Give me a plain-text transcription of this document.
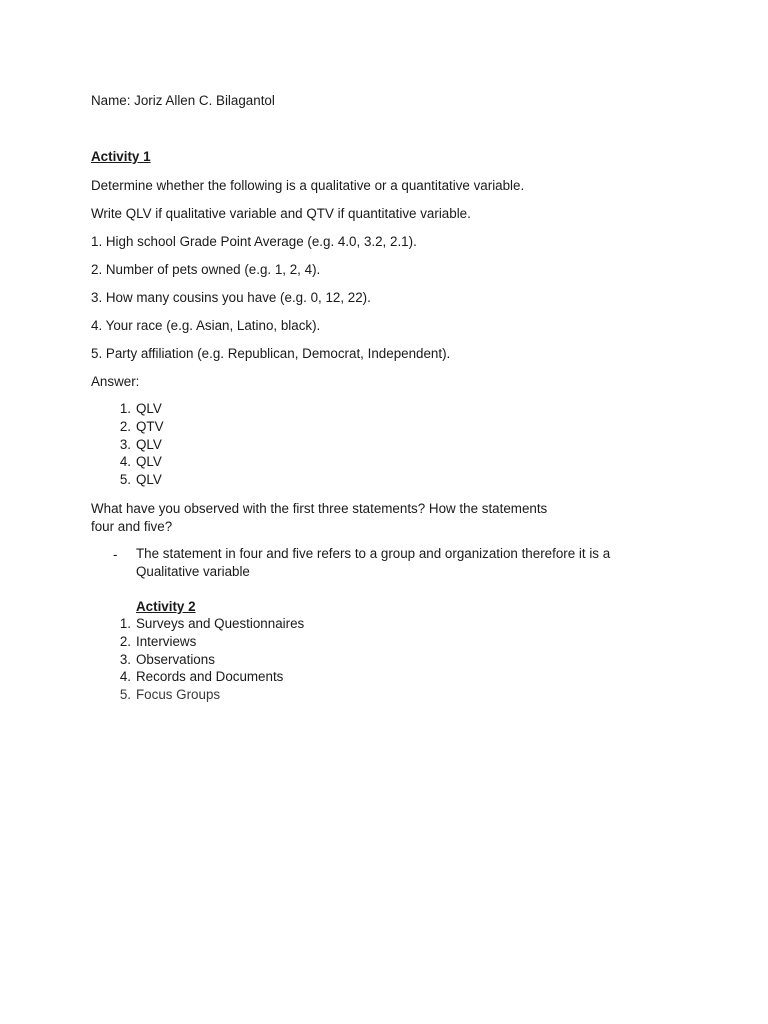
Name: Joriz Allen C. Bilagantol
Activity 1
Determine whether the following is a qualitative or a quantitative variable.
Write QLV if qualitative variable and QTV if quantitative variable.
1. High school Grade Point Average (e.g. 4.0, 3.2, 2.1).
2. Number of pets owned (e.g. 1, 2, 4).
3. How many cousins you have (e.g. 0, 12, 22).
4. Your race (e.g. Asian, Latino, black).
5. Party affiliation (e.g. Republican, Democrat, Independent).
Answer:
1. QLV
2. QTV
3. QLV
4. QLV
5. QLV
What have you observed with the first three statements? How the statements
four and five?
- The statement in four and five refers to a group and organization therefore it is a Qualitative variable
Activity 2
1. Surveys and Questionnaires
2. Interviews
3. Observations
4. Records and Documents
5. Focus Groups
